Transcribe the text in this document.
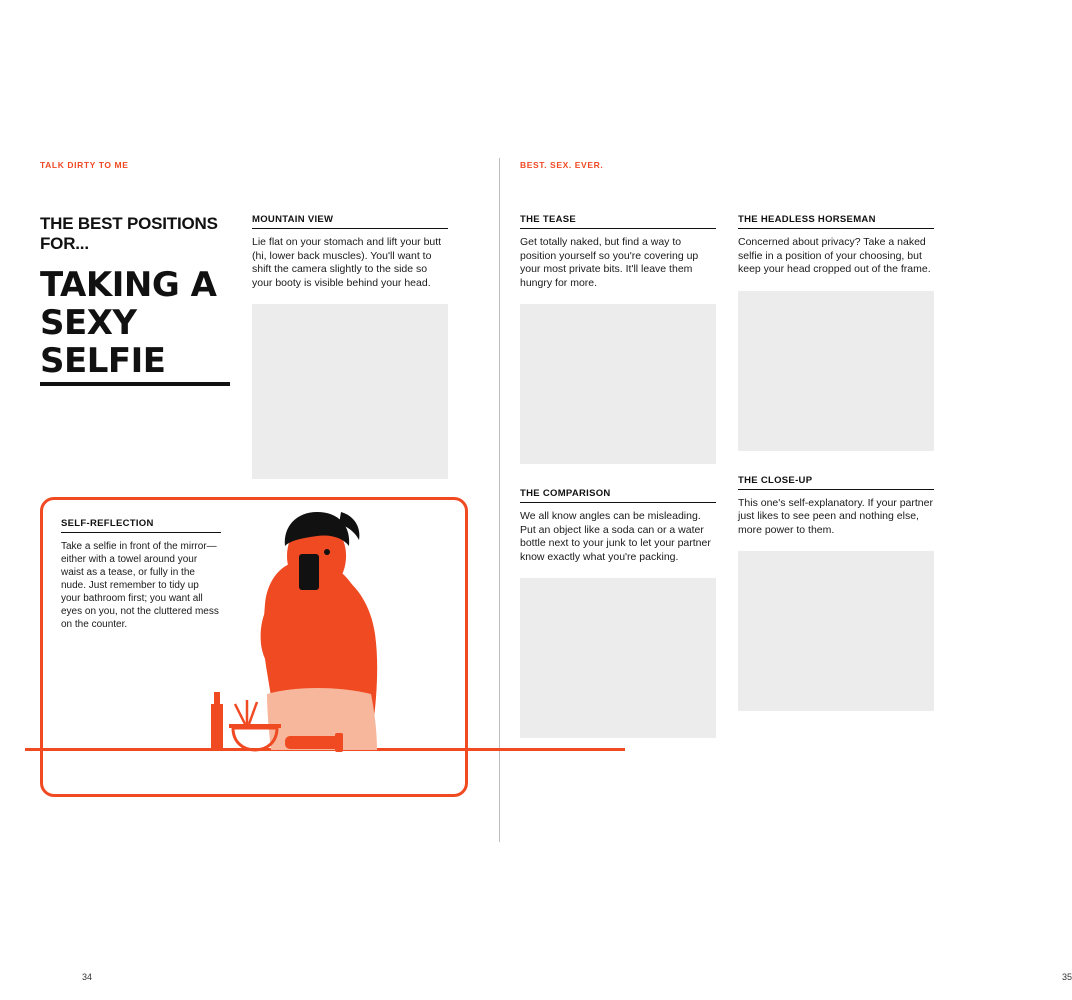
TALK DIRTY TO ME
THE BEST POSITIONS FOR...
TAKING A
SEXY SELFIE
MOUNTAIN VIEW

Lie flat on your stomach and lift your butt (hi, lower back muscles). You'll want to shift the camera slightly to the side so your booty is visible behind your head.

34
SELF-REFLECTION

Take a selfie in front of the mirror—either with a towel around your waist as a tease, or fully in the nude. Just remember to tidy up your bathroom first; you want all eyes on you, not the cluttered mess on the counter.

BEST. SEX. EVER.
THE TEASE

Get totally naked, but find a way to position yourself so you're covering up your most private bits. It'll leave them hungry for more.

THE COMPARISON

We all know angles can be misleading. Put an object like a soda can or a water bottle next to your junk to let your partner know exactly what you're packing.

THE HEADLESS HORSEMAN

Concerned about privacy? Take a naked selfie in a position of your choosing, but keep your head cropped out of the frame.

THE CLOSE-UP

This one's self-explanatory. If your partner just likes to see peen and nothing else, more power to them.

35
